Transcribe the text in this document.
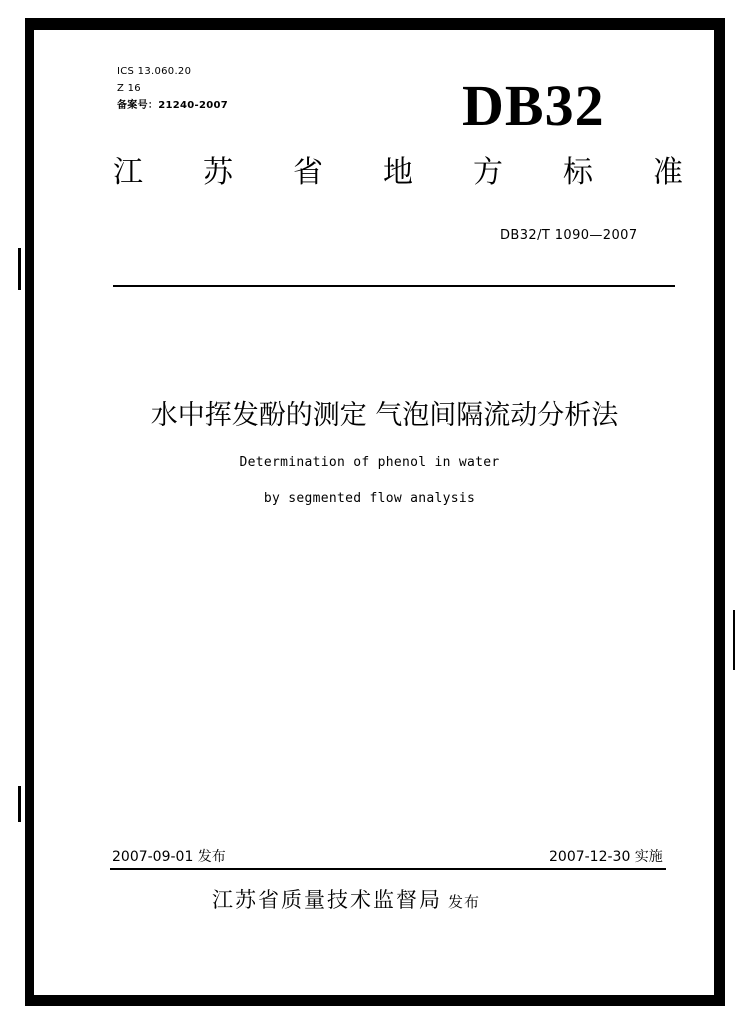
ICS 13.060.20
Z 16
备案号：21240-2007	DB32
江 苏 省 地 方 标 准
DB32/T 1090—2007
水中挥发酚的测定 气泡间隔流动分析法
Determination of phenol in water
by segmented flow analysis
2007-09-01 发布	2007-12-30 实施
江苏省质量技术监督局 发布
